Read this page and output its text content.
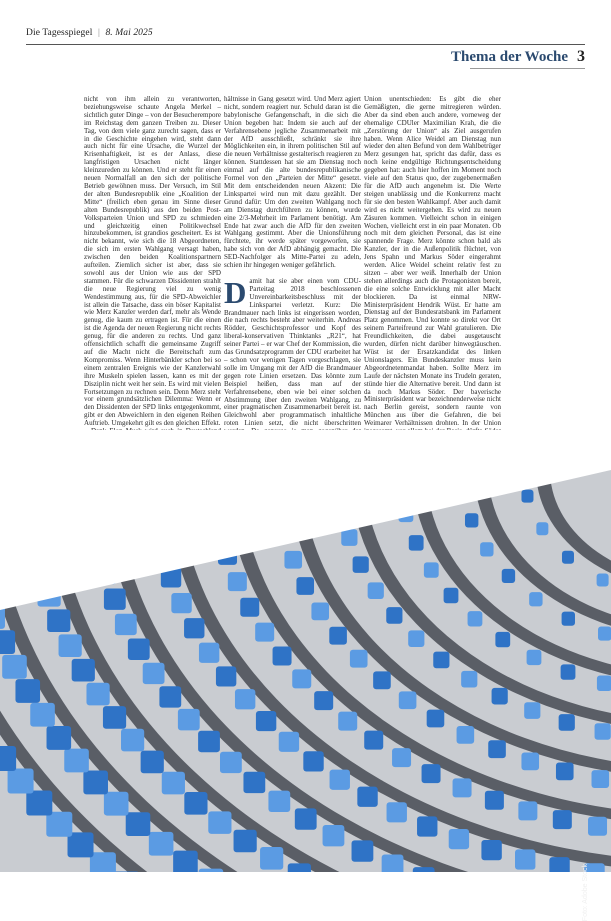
Die Tagesspiegel | 8. Mai 2025
Thema der Woche 3

nicht von ihm allein zu verantworten, beziehungsweise schaute Angela Merkel – sichtlich guter Dinge – von der Besucherempore im Reichstag dem ganzen Treiben zu. Dieser Tag, von dem viele ganz zurecht sagen, dass er in die Geschichte eingehen wird, steht dann auch nicht für eine Ursache, die Wurzel der Krisenhaftigkeit, ist es der Anlass, diese langfristigen Ursachen nicht länger kleinzureden zu können. Und er steht für einen neuen Normalfall an den sich der politische Betrieb gewöhnen muss. Der Versuch, im Stil der alten Bundesrepublik eine „Koalition der Mitte“ (freilich eben genau im Sinne dieser alten Bundesrepublik) aus den beiden Post-Volksparteien Union und SPD zu schmieden und gleichzeitig einen Politikwechsel hinzubekommen, ist grandios gescheitert. Es ist nicht bekannt, wie sich die 18 Abgeordneten, die sich im ersten Wahlgang versagt haben, zwischen den beiden Koalitionspartnern aufteilen. Ziemlich sicher ist aber, dass sie sowohl aus der Union wie aus der SPD stammen. Für die schwarzen Dissidenten strahlt die neue Regierung viel zu wenig Wendestimmung aus, für die SPD-Abweichler ist allein die Tatsache, dass ein böser Kapitalist wie Merz Kanzler werden darf, mehr als Wende genug, die kaum zu ertragen ist. Für die einen ist die Agenda der neuen Regierung nicht rechts genug, für die anderen zu rechts. Und ganz offensichtlich schafft die gemeinsame Zugriff auf die Macht nicht die Bereitschaft zum Kompromiss. Wenn Hinterbänkler schon bei so einem zentralen Ereignis wie der Kanzlerwahl ihre Muskeln spielen lassen, kann es mit der Disziplin nicht weit her sein. Es wird mit vielen Fortsetzungen zu rechnen sein. Denn Merz steht vor einem grundsätzlichen Dilemma: Wenn er den Dissidenten der SPD links entgegenkommt, gibt er den Abweichlern in den eigenen Reihen Auftrieb. Umgekehrt gilt es den gleichen Effekt.

hältnisse in Gang gesetzt wird. Und Merz agiert nicht, sondern reagiert nur. Schuld daran ist die babylonische Gefangenschaft, in die sich die Union begeben hat: Indem sie auch auf der Verfahrensebene jegliche Zusammenarbeit mit der AfD ausschließt, schränkt sie ihre Möglichkeiten ein, in ihrem politischen Stil auf die neuen Verhältnisse gestalterisch reagieren zu können. Stattdessen hat sie am Dienstag noch einmal auf die alte bundesrepublikanische Formel von den „Parteien der Mitte“ gesetzt. Mit dem entscheidenden neuen Akzent: Die Linkspartei wird nun mit dazu gezählt. Der Grund dafür: Um den zweiten Wahlgang noch am Dienstag durchführen zu können, wurde eine 2/3-Mehrheit im Parlament benötigt. Am Ende hat zwar auch die AfD für den zweiten Wahlgang gestimmt. Aber die Unionsführung fürchtete, ihr werde später vorgeworfen, sie habe sich von der AfD abhängig gemacht. Die SED-Nachfolger als Mitte-Partei zu adeln, schien ihr hingegen weniger gefährlich.

Damit hat sie aber einen vom CDU-Parteitag 2018 beschlossenen Unvereinbarkeitsbeschluss mit der Linkspartei verletzt. Kurz: Die Brandmauer nach links ist eingerissen worden, die nach rechts besteht aber weiterhin. Andreas Rödder, Geschichtsprofessor und Kopf des liberal-konservativen Thinktanks „R21“, hat seiner Partei – er war Chef der Kommission, die das Grundsatzprogramm der CDU erarbeitet hat – schon vor wenigen Tagen vorgeschlagen, sie solle im Umgang mit der AfD die Brandmauer gegen rote Linien ersetzen. Das könnte zum Beispiel heißen, dass man auf der Verfahrensebene, eben wie bei einer solchen Abstimmung über den zweiten Wahlgang, zu einer pragmatischen Zusammenarbeit bereit ist. Gleichwohl aber programmatisch inhaltliche roten Linien setzt, die nicht überschritten

Union unentschieden: Es gibt die eher Gemäßigten, die gerne mitregieren würden. Aber da sind eben auch andere, vorneweg der ehemalige CDUler Maximilian Krah, die die „Zerstörung der Union“ als Ziel ausgerufen haben. Wenn Alice Weidel am Dienstag nun wieder den alten Befund von dem Wahlbetrüger Merz gesungen hat, spricht das dafür, dass es noch keine endgültige Richtungsentscheidung gegeben hat: auch hier hoffen im Moment noch viele auf den Status quo, der zugebenermaßen für die AfD auch angenehm ist. Die Werte steigen unablässig und die Konkurrenz macht für sie den besten Wahlkampf. Aber auch damit wird es nicht weitergehen. Es wird zu neuen Zäsuren kommen. Vielleicht schon in einigen Wochen, vielleicht erst in ein paar Monaten. Ob noch mit dem gleichen Personal, das ist eine spannende Frage. Merz könnte schon bald als Kanzler, der in die Außenpolitik flüchtet, von Jens Spahn und Markus Söder eingerahmt werden. Alice Weidel scheint relativ fest zu sitzen – aber wer weiß. Innerhalb der Union stehen allerdings auch die Protagonisten bereit, die eine solche Entwicklung mit aller Macht blockieren. Da ist einmal NRW-Ministerpräsident Hendrik Wüst. Er hatte am Dienstag auf der Bundesratsbank im Parlament Platz genommen. Und konnte so direkt vor Ort seinem Parteifreund zur Wahl gratulieren. Die Freundlichkeiten, die dabei ausgetauscht wurden, dürfen nicht darüber hinwegtäuschen. Wüst ist der Ersatzkandidat des linken Unionslagers. Ein Bundeskanzler muss kein Abgeordnetenmandat haben. Sollte Merz im Laufe der nächsten Monate ins Trudeln geraten, stünde hier die Alternative bereit. Und dann ist da noch Markus Söder. Der bayerische Ministerpräsident war bezeichnenderweise nicht nach Berlin gereist, sondern raunte von München aus über die Gefahren, die bei Weimarer Verhältnissen drohten. In der Union

Foto: Adobe Stock
